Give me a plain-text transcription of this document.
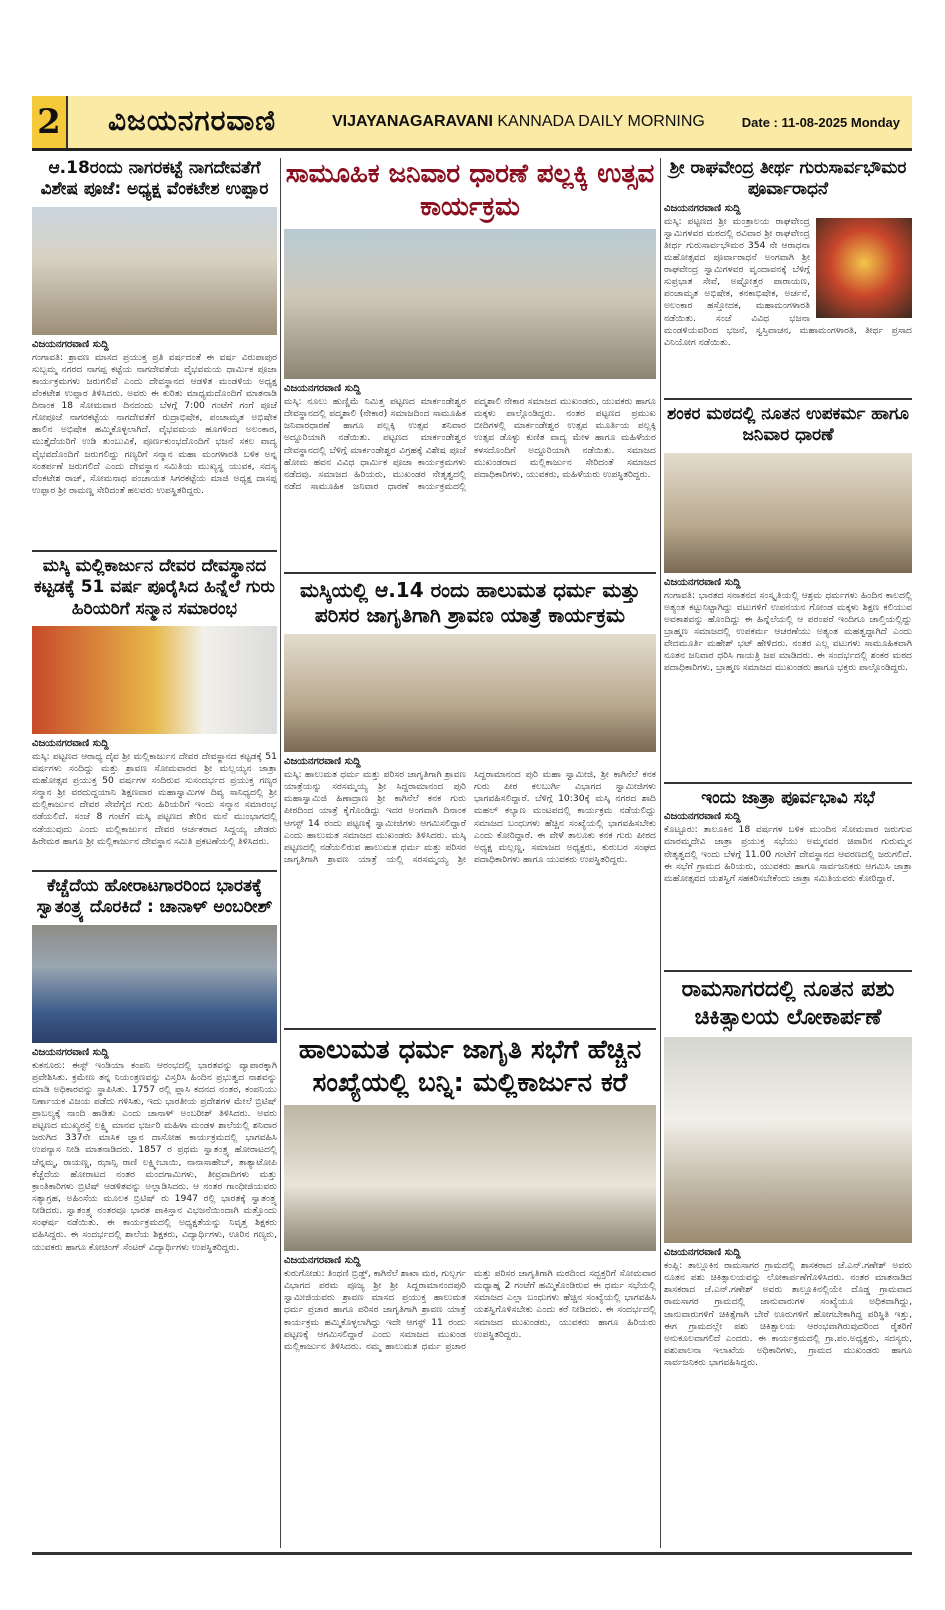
2 ವಿಜಯನಗರವಾಣಿ	VIJAYANAGARAVANI KANNADA DAILY MORNING	Date : 11-08-2025 Monday
ಆ.18ರಂದು ನಾಗರಕಟ್ಟೆ ನಾಗದೇವತೆಗೆ ವಿಶೇಷ ಪೂಜೆ: ಅಧ್ಯಕ್ಷ ವೆಂಕಟೇಶ ಉಪ್ಪಾರ
ವಿಜಯನಗರವಾಣಿ ಸುದ್ದಿ

ಗಂಗಾವತಿ: ಶ್ರಾವಣ ಮಾಸದ ಪ್ರಯುಕ್ತ ಪ್ರತಿ ವರ್ಷದಂತೆ ಈ ವರ್ಷ ವಿರುಪಾಪುರ ಸುಬ್ಬಮ್ಮ ನಗರದ ನಾಗಪ್ಪ ಕಟ್ಟೆಯ ನಾಗದೇವತೆಯ ವೈಭವಮಯ ಧಾರ್ಮಿಕ ಪೂಜಾ ಕಾರ್ಯಕ್ರಮಗಳು ಜರುಗಲಿವೆ ಎಂದು ದೇವಸ್ಥಾನದ ಆಡಳಿತ ಮಂಡಳಿಯ ಅಧ್ಯಕ್ಷ ವೆಂಕಟೇಶ ಉಪ್ಪಾರ ತಿಳಿಸಿದರು. ಅವರು ಈ ಕುರಿತು ಮಾಧ್ಯಮದೊಂದಿಗೆ ಮಾತನಾಡಿ ದಿನಾಂಕ 18 ಸೋಮವಾರ ದಿನದಂದು ಬೆಳಗ್ಗೆ 7:00 ಗಂಟೆಗೆ ಗಂಗೆ ಪೂಜೆ ಗೋಪೂಜೆ ನಾಗರಕಟ್ಟೆಯ ನಾಗದೇವತೆಗೆ ರುದ್ರಾಭಿಷೇಕ, ಪಂಚಾಮೃತ ಅಭಿಷೇಕ ಹಾಲಿನ ಅಭಿಷೇಕ ಹಮ್ಮಿಕೊಳ್ಳಲಾಗಿದೆ. ವೈಭವಮಯ ಹೂಗಳಿಂದ ಅಲಂಕಾರ, ಮುತ್ತೈದೆಯರಿಗೆ ಉಡಿ ತುಂಬುವಿಕೆ, ಪೂರ್ಣಕುಂಭದೊಂದಿಗೆ ಭಜನೆ ಸಕಲ ವಾದ್ಯ ವೈಭವದೊಂದಿಗೆ ಜರುಗಲಿದ್ದು ಗಣ್ಯರಿಗೆ ಸನ್ಮಾನ ಮಹಾ ಮಂಗಳಾರತಿ ಬಳಿಕ ಅನ್ನ ಸಂತರ್ಪಣೆ ಜರುಗಲಿದೆ ಎಂದು ದೇವಸ್ಥಾನ ಸಮಿತಿಯ ಮುಖ್ಯಸ್ಥ ಯುವಕ, ಸದಸ್ಯ ವೆಂಕಟೇಶ ರಾಜ್, ಸೋಮನಾಥ ಪಂಚಾಯತ ಸಿಗರಕಟ್ಟೆಯ ಮಾಜಿ ಅಧ್ಯಕ್ಷ ದಾಸಪ್ಪ ಉಪ್ಪಾರ ಶ್ರೀ ರಾಮಣ್ಣ ಸೇರಿದಂತೆ ಹಲವರು ಉಪಸ್ಥಿತರಿದ್ದರು.

ಮಸ್ಕಿ ಮಲ್ಲಿಕಾರ್ಜುನ ದೇವರ ದೇವಸ್ಥಾನದ ಕಟ್ಟಡಕ್ಕೆ 51 ವರ್ಷ ಪೂರೈಸಿದ ಹಿನ್ನೆಲೆ ಗುರು ಹಿರಿಯರಿಗೆ ಸನ್ಮಾನ ಸಮಾರಂಭ
ವಿಜಯನಗರವಾಣಿ ಸುದ್ದಿ

ಮಸ್ಕಿ: ಪಟ್ಟಣದ ಆರಾಧ್ಯ ದೈವ ಶ್ರೀ ಮಲ್ಲಿಕಾರ್ಜುನ ದೇವರ ದೇವಸ್ಥಾನದ ಕಟ್ಟಡಕ್ಕೆ 51 ವರ್ಷಗಳು ಸಂದಿದ್ದು ಮತ್ತು ಶ್ರಾವಣ ಸೋಮವಾರದ ಶ್ರೀ ಮಲ್ಲಯ್ಯನ ಜಾತ್ರಾ ಮಹೋತ್ಸವ ಪ್ರಯುಕ್ತ 50 ವರ್ಷಗಳ ಸಂದಿರುವ ಸುಸಂದರ್ಭದ ಪ್ರಯುಕ್ತ ಗಣ್ಯರ ಸನ್ಮಾನ ಶ್ರೀ ವರದುದ್ದಯಾನಿ ಶಿಕ್ಷಣವಾರ ಮಹಾಸ್ವಾಮಿಗಳ ದಿವ್ಯ ಸಾನಿಧ್ಯದಲ್ಲಿ ಶ್ರೀ ಮಲ್ಲಿಕಾರ್ಜುನ ದೇವರ ಸೇವೆಗೈದ ಗುರು ಹಿರಿಯರಿಗೆ ಇಂದು ಸನ್ಮಾನ ಸಮಾರಂಭ ನಡೆಯಲಿದೆ. ಸಂಜೆ 8 ಗಂಟೆಗೆ ಮಸ್ಕಿ ಪಟ್ಟಣದ ತೇರಿನ ಮನೆ ಮುಂಭಾಗದಲ್ಲಿ ನಡೆಯುವುದು ಎಂದು ಮಲ್ಲಿಕಾರ್ಜುನ ದೇವರ ಆರ್ಚಕರಾದ ಸಿದ್ದಯ್ಯ ಜೇಡರು ಹಿರೇಮಠ ಹಾಗೂ ಶ್ರೀ ಮಲ್ಲಿಕಾರ್ಜುನ ದೇವಸ್ಥಾನ ಸಮಿತಿ ಪ್ರಕಟಣೆಯಲ್ಲಿ ತಿಳಿಸಿದರು.

ಕೆಚ್ಚೆದೆಯ ಹೋರಾಟಗಾರರಿಂದ ಭಾರತಕ್ಕೆ ಸ್ವಾತಂತ್ರ್ಯ ದೊರಕಿದೆ : ಚಾನಾಳ್ ಅಂಬರೀಶ್
ವಿಜಯನಗರವಾಣಿ ಸುದ್ದಿ

ಕುಕನೂರು: ಈಸ್ಟ್ ಇಂಡಿಯಾ ಕಂಪನಿ ಆರಂಭದಲ್ಲಿ ಭಾರತವನ್ನು ವ್ಯಾಪಾರಕ್ಕಾಗಿ ಪ್ರವೇಶಿಸಿತು. ಕ್ರಮೇಣ ತನ್ನ ನಿಯಂತ್ರಣವನ್ನು ವಿಸ್ತರಿಸಿ ಹಿಂದಿನ ಪ್ರಭುತ್ವದ ನಾಶವನ್ನು ಮಾಡಿ ಅಧಿಕಾರವನ್ನು ಸ್ಥಾಪಿಸಿತು. 1757 ರಲ್ಲಿ ಪ್ಲಾಸಿ ಕದನದ ನಂತರ, ಕಂಪನಿಯು ನಿರ್ಣಾಯಕ ವಿಜಯ ಪಡೆದು ಗಳಿಸಿತು, ಇದು ಭಾರತೀಯ ಪ್ರದೇಶಗಳ ಮೇಲೆ ಬ್ರಿಟಿಷ್ ಪ್ರಾಬಲ್ಯಕ್ಕೆ ನಾಂದಿ ಹಾಡಿತು ಎಂದು ಚಾನಾಳ್ ಅಂಬರೀಶ್ ತಿಳಿಸಿದರು. ಅವರು ಪಟ್ಟಣದ ಮುಖ್ಯರಸ್ತೆ ಲಕ್ಷ್ಮಿ ಮಾನವ ಭರ್ಜರಿ ಮಹಿಳಾ ಮಂಡಳ ಶಾಲೆಯಲ್ಲಿ ಶನಿವಾರ ಜರುಗಿದ 337ನೇ ಮಾಸಿಕ ಜ್ಞಾನ ದಾಸೋಹ ಕಾರ್ಯಕ್ರಮದಲ್ಲಿ ಭಾಗವಹಿಸಿ ಉಪನ್ಯಾಸ ನೀಡಿ ಮಾತನಾಡಿದರು. 1857 ರ ಪ್ರಥಮ ಸ್ವಾತಂತ್ರ್ಯ ಹೋರಾಟದಲ್ಲಿ ಚೆನ್ನಮ್ಮ, ರಾಯಣ್ಣ, ಝಾನ್ಸಿ ರಾಣಿ ಲಕ್ಷ್ಮೀಬಾಯಿ, ನಾನಾಸಾಹೇಬ್, ತಾತ್ಯಾಟೋಪಿ ಕೆಚ್ಚೆದೆಯ ಹೋರಾಟದ ನಂತರ ಮಂದಗಾಮಿಗಳು, ತೀವ್ರವಾದಿಗಳು ಮತ್ತು ಕ್ರಾಂತಿಕಾರಿಗಳು ಬ್ರಿಟಿಷ್ ಆಡಳಿತವನ್ನು ಅಲ್ಲಾಡಿಸಿದರು. ಆ ನಂತರ ಗಾಂಧೀಜಿಯವರು ಸತ್ಯಾಗ್ರಹ, ಅಹಿಂಸೆಯ ಮೂಲಕ ಬ್ರಿಟಿಷ್‌ ರು 1947 ರಲ್ಲಿ ಭಾರತಕ್ಕೆ ಸ್ವಾತಂತ್ರ್ಯ ನೀಡಿದರು. ಸ್ವಾತಂತ್ರ್ಯ ನಂತರವೂ ಭಾರತ ಪಾಕಿಸ್ತಾನ ವಿಭಜನೆಯಿಂದಾಗಿ ಮತ್ತೊಂದು ಸಂಘರ್ಷ ನಡೆಯಿತು. ಈ ಕಾರ್ಯಕ್ರಮದಲ್ಲಿ ಅಧ್ಯಕ್ಷತೆಯನ್ನು ನಿವೃತ್ತ ಶಿಕ್ಷಕರು ವಹಿಸಿದ್ದರು. ಈ ಸಂದರ್ಭದಲ್ಲಿ ಶಾಲೆಯ ಶಿಕ್ಷಕರು, ವಿದ್ಯಾರ್ಥಿಗಳು, ಊರಿನ ಗಣ್ಯರು, ಯುವಕರು ಹಾಗೂ ಕೋಚಿಂಗ್ ಸೆಂಟರ್ ವಿದ್ಯಾರ್ಥಿಗಳು ಉಪಸ್ಥಿತರಿದ್ದರು.

ಸಾಮೂಹಿಕ ಜನಿವಾರ ಧಾರಣೆ ಪಲ್ಲಕ್ಕಿ ಉತ್ಸವ ಕಾರ್ಯಕ್ರಮ
ವಿಜಯನಗರವಾಣಿ ಸುದ್ದಿ

ಮಸ್ಕಿ: ನೂಲು ಹುಣ್ಣಿಮೆ ನಿಮಿತ್ತ ಪಟ್ಟಣದ ಮಾರ್ಕಂಡೇಶ್ವರ ದೇವಸ್ಥಾನದಲ್ಲಿ ಪದ್ಮಶಾಲಿ (ನೇಕಾರ) ಸಮಾಜದಿಂದ ಸಾಮೂಹಿಕ ಜನಿವಾರಧಾರಣೆ ಹಾಗೂ ಪಲ್ಲಕ್ಕಿ ಉತ್ಸವ ಶನಿವಾರ ಅದ್ದೂರಿಯಾಗಿ ನಡೆಯಿತು. ಪಟ್ಟಣದ ಮಾರ್ಕಂಡೇಶ್ವರ ದೇವಸ್ಥಾನದಲ್ಲಿ ಬೆಳಿಗ್ಗೆ ಮಾರ್ಕಂಡೇಶ್ವರ ವಿಗ್ರಹಕ್ಕೆ ವಿಶೇಷ ಪೂಜೆ ಹೋಮ ಹವನ ವಿವಿಧ ಧಾರ್ಮಿಕ ಪೂಜಾ ಕಾರ್ಯಕ್ರಮಗಳು ನಡೆದವು. ಸಮಾಜದ ಹಿರಿಯರು, ಮುಖಂಡರ ನೇತೃತ್ವದಲ್ಲಿ ನಡೆದ ಸಾಮೂಹಿಕ ಜನಿವಾರ ಧಾರಣೆ ಕಾರ್ಯಕ್ರಮದಲ್ಲಿ ಪದ್ಮಶಾಲಿ ನೇಕಾರ ಸಮಾಜದ ಮುಖಂಡರು, ಯುವಕರು ಹಾಗೂ ಮಕ್ಕಳು ಪಾಲ್ಗೊಂಡಿದ್ದರು. ನಂತರ ಪಟ್ಟಣದ ಪ್ರಮುಖ ಬೀದಿಗಳಲ್ಲಿ ಮಾರ್ಕಂಡೇಶ್ವರ ಉತ್ಸವ ಮೂರ್ತಿಯ ಪಲ್ಲಕ್ಕಿ ಉತ್ಸವ ಡೊಳ್ಳು ಕುಣಿತ ವಾದ್ಯ ಮೇಳ ಹಾಗೂ ಮಹಿಳೆಯರ ಕಳಸದೊಂದಿಗೆ ಅದ್ದೂರಿಯಾಗಿ ನಡೆಯಿತು. ಸಮಾಜದ ಮುಖಂಡರಾದ ಮಲ್ಲಿಕಾರ್ಜುನ ಸೇರಿದಂತೆ ಸಮಾಜದ ಪದಾಧಿಕಾರಿಗಳು, ಯುವಕರು, ಮಹಿಳೆಯರು ಉಪಸ್ಥಿತರಿದ್ದರು.

ಮಸ್ಕಿಯಲ್ಲಿ ಆ.14 ರಂದು ಹಾಲುಮತ ಧರ್ಮ ಮತ್ತು ಪರಿಸರ ಜಾಗೃತಿಗಾಗಿ ಶ್ರಾವಣ ಯಾತ್ರೆ ಕಾರ್ಯಕ್ರಮ
ವಿಜಯನಗರವಾಣಿ ಸುದ್ದಿ

ಮಸ್ಕಿ: ಹಾಲುಮತ ಧರ್ಮ ಮತ್ತು ಪರಿಸರ ಜಾಗೃತಿಗಾಗಿ ಶ್ರಾವಣ ಯಾತ್ರೆಯನ್ನು ಸರಸಮ್ಮಯ್ಯ ಶ್ರೀ ಸಿದ್ದರಾಮಾನಂದ ಪುರಿ ಮಹಾಸ್ವಾಮಿಜಿ ಹಿಣಾದ್ರಾಣ ಶ್ರೀ ಕಾಗಿನೆಲೆ ಕನಕ ಗುರು ಪೀಠದಿಂದ ಯಾತ್ರೆ ಕೈಗೊಂಡಿದ್ದು ಇದರ ಅಂಗವಾಗಿ ದಿನಾಂಕ ಆಗಸ್ಟ್ 14 ರಂದು ಪಟ್ಟಣಕ್ಕೆ ಸ್ವಾಮೀಜಿಗಳು ಆಗಮಿಸಲಿದ್ದಾರೆ ಎಂದು ಹಾಲುಮತ ಸಮಾಜದ ಮುಖಂಡರು ತಿಳಿಸಿದರು. ಮಸ್ಕಿ ಪಟ್ಟಣದಲ್ಲಿ ನಡೆಯಲಿರುವ ಹಾಲುಮತ ಧರ್ಮ ಮತ್ತು ಪರಿಸರ ಜಾಗೃತಿಗಾಗಿ ಶ್ರಾವಣ ಯಾತ್ರೆ ಯಲ್ಲಿ ಸರಸಮ್ಮಯ್ಯ ಶ್ರೀ ಸಿದ್ದರಾಮಾನಂದ ಪುರಿ ಮಹಾ ಸ್ವಾಮೀಜಿ, ಶ್ರೀ ಕಾಗಿನೆಲೆ ಕನಕ ಗುರು ಪೀಠ ಕಲಬುರ್ಗಿ ವಿಭಾಗದ ಸ್ವಾಮೀಜಿಗಳು ಭಾಗವಹಿಸಲಿದ್ದಾರೆ. ಬೆಳಿಗ್ಗೆ 10:30ಕ್ಕೆ ಮಸ್ಕಿ ನಗರದ ಶಾದಿ ಮಹಲ್ ಕಲ್ಯಾಣ ಮಂಟಪದಲ್ಲಿ ಕಾರ್ಯಕ್ರಮ ನಡೆಯಲಿದ್ದು ಸಮಾಜದ ಬಂಧುಗಳು ಹೆಚ್ಚಿನ ಸಂಖ್ಯೆಯಲ್ಲಿ ಭಾಗವಹಿಸಬೇಕು ಎಂದು ಕೋರಿದ್ದಾರೆ. ಈ ವೇಳೆ ತಾಲೂಕು ಕನಕ ಗುರು ಪೀಠದ ಅಧ್ಯಕ್ಷ ಮಲ್ಲಣ್ಣ, ಸಮಾಜದ ಅಧ್ಯಕ್ಷರು, ಕುರುಬರ ಸಂಘದ ಪದಾಧಿಕಾರಿಗಳು ಹಾಗೂ ಯುವಕರು ಉಪಸ್ಥಿತರಿದ್ದರು.

ಹಾಲುಮತ ಧರ್ಮ ಜಾಗೃತಿ ಸಭೆಗೆ ಹೆಚ್ಚಿನ ಸಂಖ್ಯೆಯಲ್ಲಿ ಬನ್ನಿ: ಮಲ್ಲಿಕಾರ್ಜುನ ಕರೆ
ವಿಜಯನಗರವಾಣಿ ಸುದ್ದಿ

ಕುರುಗೋಡು: ತಿಂಥಣಿ ಬ್ರಿಡ್ಜ್, ಕಾಗಿನೆಲೆ ಶಾಖಾ ಮಠ, ಗುಲ್ಬರ್ಗ ವಿಭಾಗದ ಪರಮ ಪೂಜ್ಯ ಶ್ರೀ ಶ್ರೀ ಸಿದ್ದರಾಮಾನಂದಪುರಿ ಸ್ವಾಮೀಜಿಯವರು ಶ್ರಾವಣ ಮಾಸದ ಪ್ರಯುಕ್ತ ಹಾಲುಮತ ಧರ್ಮ ಪ್ರಚಾರ ಹಾಗೂ ಪರಿಸರ ಜಾಗೃತಿಗಾಗಿ ಶ್ರಾವಣ ಯಾತ್ರೆ ಕಾರ್ಯಕ್ರಮ ಹಮ್ಮಿಕೊಳ್ಳಲಾಗಿದ್ದು ಇದೇ ಆಗಸ್ಟ್ 11 ರಂದು ಪಟ್ಟಣಕ್ಕೆ ಆಗಮಿಸಲಿದ್ದಾರೆ ಎಂದು ಸಮಾಜದ ಮುಖಂಡ ಮಲ್ಲಿಕಾರ್ಜುನ ತಿಳಿಸಿದರು. ನಮ್ಮ ಹಾಲುಮತ ಧರ್ಮ ಪ್ರಚಾರ ಮತ್ತು ಪರಿಸರ ಜಾಗೃತಿಗಾಗಿ ಮಠದಿಂದ ಸದ್ಭಕ್ತರಿಗೆ ಸೋಮವಾರ ಮಧ್ಯಾಹ್ನ 2 ಗಂಟೆಗೆ ಹಮ್ಮಿಕೊಂಡಿರುವ ಈ ಧರ್ಮ ಸಭೆಯಲ್ಲಿ ಸಮಾಜದ ಎಲ್ಲಾ ಬಂಧುಗಳು ಹೆಚ್ಚಿನ ಸಂಖ್ಯೆಯಲ್ಲಿ ಭಾಗವಹಿಸಿ ಯಶಸ್ವಿಗೊಳಿಸಬೇಕು ಎಂದು ಕರೆ ನೀಡಿದರು. ಈ ಸಂದರ್ಭದಲ್ಲಿ ಸಮಾಜದ ಮುಖಂಡರು, ಯುವಕರು ಹಾಗೂ ಹಿರಿಯರು ಉಪಸ್ಥಿತರಿದ್ದರು.

ಶ್ರೀ ರಾಘವೇಂದ್ರ ತೀರ್ಥ ಗುರುಸಾರ್ವಭೌಮರ ಪೂರ್ವಾರಾಧನೆ
ವಿಜಯನಗರವಾಣಿ ಸುದ್ದಿ

ಮಸ್ಕಿ: ಪಟ್ಟಣದ ಶ್ರೀ ಮಂತ್ರಾಲಯ ರಾಘವೇಂದ್ರ ಸ್ವಾಮಿಗಳವರ ಮಠದಲ್ಲಿ ರವಿವಾರ ಶ್ರೀ ರಾಘವೇಂದ್ರ ತೀರ್ಥ ಗುರುಸಾರ್ವಭೌಮರ 354 ನೇ ಆರಾಧನಾ ಮಹೋತ್ಸವದ ಪೂರ್ವಾರಾಧನೆ ಅಂಗವಾಗಿ ಶ್ರೀ ರಾಘವೇಂದ್ರ ಸ್ವಾಮಿಗಳವರ ವೃಂದಾವನಕ್ಕೆ ಬೆಳಿಗ್ಗೆ ಸುಪ್ರಭಾತ ಸೇವೆ, ಅಷ್ಟೋತ್ತರ ಪಾರಾಯಣ, ಪಂಚಾಮೃತ ಅಭಿಷೇಕ, ಕನಕಾಭಿಷೇಕ, ಅರ್ಚನೆ, ಅಲಂಕಾರ ಹಸ್ತೋದಕ, ಮಹಾಮಂಗಳಾರತಿ ನಡೆಯಿತು. ಸಂಜೆ ವಿವಿಧ ಭಜನಾ ಮಂಡಳಿಯವರಿಂದ ಭಜನೆ, ಸ್ವಸ್ತಿವಾಚನ, ಮಹಾಮಂಗಳಾರತಿ, ತೀರ್ಥ ಪ್ರಸಾದ ವಿನಿಯೋಗ ನಡೆಯಿತು.

ಶಂಕರ ಮಠದಲ್ಲಿ ನೂತನ ಉಪಕರ್ಮ ಹಾಗೂ ಜನಿವಾರ ಧಾರಣೆ
ವಿಜಯನಗರವಾಣಿ ಸುದ್ದಿ

ಗಂಗಾವತಿ: ಭಾರತದ ಸನಾತನದ ಸಂಸ್ಕೃತಿಯಲ್ಲಿ ಆಶ್ರಮ ಧರ್ಮಗಳು ಹಿಂದಿನ ಕಾಲದಲ್ಲಿ ಅತ್ಯಂತ ಕಟ್ಟುನಿಟ್ಟಾಗಿದ್ದು ವಟುಗಳಿಗೆ ಉಪನಯನ ಗೋಂಡ ಮಕ್ಕಳು ಶಿಕ್ಷಣ ಕಲಿಯುವ ಅವಕಾಶವನ್ನು ಹೊಂದಿದ್ದು ಈ ಹಿನ್ನೆಲೆಯಲ್ಲಿ ಆ ಪರಂಪರೆ ಇಂದಿಗೂ ಚಾಲ್ತಿಯಲ್ಲಿದ್ದು ಬ್ರಾಹ್ಮಣ ಸಮಾಜದಲ್ಲಿ ಉಪಕರ್ಮ ಆಚರಣೆಯು ಅತ್ಯಂತ ಮಹತ್ವದ್ದಾಗಿದೆ ಎಂದು ವೇದಮೂರ್ತಿ ಮಹೇಶ್ ಭಟ್ ಹೇಳಿದರು. ನಂತರ ಎಲ್ಲ ವಟುಗಳು ಸಾಮೂಹಿಕವಾಗಿ ನೂತನ ಜನಿವಾರ ಧರಿಸಿ ಗಾಯತ್ರಿ ಜಪ ಮಾಡಿದರು. ಈ ಸಂದರ್ಭದಲ್ಲಿ ಶಂಕರ ಮಠದ ಪದಾಧಿಕಾರಿಗಳು, ಬ್ರಾಹ್ಮಣ ಸಮಾಜದ ಮುಖಂಡರು ಹಾಗೂ ಭಕ್ತರು ಪಾಲ್ಗೊಂಡಿದ್ದರು.

ಇಂದು ಜಾತ್ರಾ ಪೂರ್ವಭಾವಿ ಸಭೆ
ವಿಜಯನಗರವಾಣಿ ಸುದ್ದಿ

ಕೊಟ್ಟೂರು: ತಾಲೂಕಿನ 18 ವರ್ಷಗಳ ಬಳಿಕ ಮುಂದಿನ ಸೋಮವಾರ ಜರುಗುವ ಮಾರಮ್ಮದೇವಿ ಜಾತ್ರಾ ಪ್ರಯುಕ್ತ ಸಭೆಯು ಅಮ್ಮನವರ ಚಿಪಾರಿನ ಗುರುಮ್ಮನ ನೇತೃತ್ವದಲ್ಲಿ ಇಂದು ಬೆಳಗ್ಗೆ 11.00 ಗಂಟೆಗೆ ದೇವಸ್ಥಾನದ ಆವರಣದಲ್ಲಿ ಜರುಗಲಿದೆ. ಈ ಸಭೆಗೆ ಗ್ರಾಮದ ಹಿರಿಯರು, ಯುವಕರು ಹಾಗೂ ಸಾರ್ವಜನಿಕರು ಆಗಮಿಸಿ ಜಾತ್ರಾ ಮಹೋತ್ಸವದ ಯಶಸ್ವಿಗೆ ಸಹಕರಿಸಬೇಕೆಂದು ಜಾತ್ರಾ ಸಮಿತಿಯವರು ಕೋರಿದ್ದಾರೆ.

ರಾಮಸಾಗರದಲ್ಲಿ ನೂತನ ಪಶು ಚಿಕಿತ್ಸಾಲಯ ಲೋಕಾರ್ಪಣೆ
ವಿಜಯನಗರವಾಣಿ ಸುದ್ದಿ

ಕಂಪ್ಲಿ: ತಾಲ್ಲೂಕಿನ ರಾಮಸಾಗರ ಗ್ರಾಮದಲ್ಲಿ ಶಾಸಕರಾದ ಜೆ.ಎನ್.ಗಣೇಶ್ ಅವರು ನೂತನ ಪಶು ಚಿಕಿತ್ಸಾಲಯವನ್ನು ಲೋಕಾರ್ಪಣೆಗೊಳಿಸಿದರು. ನಂತರ ಮಾತನಾಡಿದ ಶಾಸಕರಾದ ಜೆ.ಎನ್.ಗಣೇಶ್ ಅವರು ತಾಲ್ಲೂಕಿನಲ್ಲಿಯೇ ದೊಡ್ಡ ಗ್ರಾಮವಾದ ರಾಮಸಾಗರ ಗ್ರಾಮದಲ್ಲಿ ಜಾನುವಾರುಗಳ ಸಂಖ್ಯೆಯೂ ಅಧಿಕವಾಗಿದ್ದು, ಜಾನುವಾರುಗಳಿಗೆ ಚಿಕಿತ್ಸೆಗಾಗಿ ಬೇರೆ ಊರುಗಳಿಗೆ ಹೋಗಬೇಕಾಗಿದ್ದ ಪರಿಸ್ಥಿತಿ ಇತ್ತು, ಈಗ ಗ್ರಾಮದಲ್ಲೇ ಪಶು ಚಿಕಿತ್ಸಾಲಯ ಆರಂಭವಾಗಿರುವುದರಿಂದ ರೈತರಿಗೆ ಅನುಕೂಲವಾಗಲಿದೆ ಎಂದರು. ಈ ಕಾರ್ಯಕ್ರಮದಲ್ಲಿ ಗ್ರಾ.ಪಂ.ಅಧ್ಯಕ್ಷರು, ಸದಸ್ಯರು, ಪಶುಪಾಲನಾ ಇಲಾಖೆಯ ಅಧಿಕಾರಿಗಳು, ಗ್ರಾಮದ ಮುಖಂಡರು ಹಾಗೂ ಸಾರ್ವಜನಿಕರು ಭಾಗವಹಿಸಿದ್ದರು.
